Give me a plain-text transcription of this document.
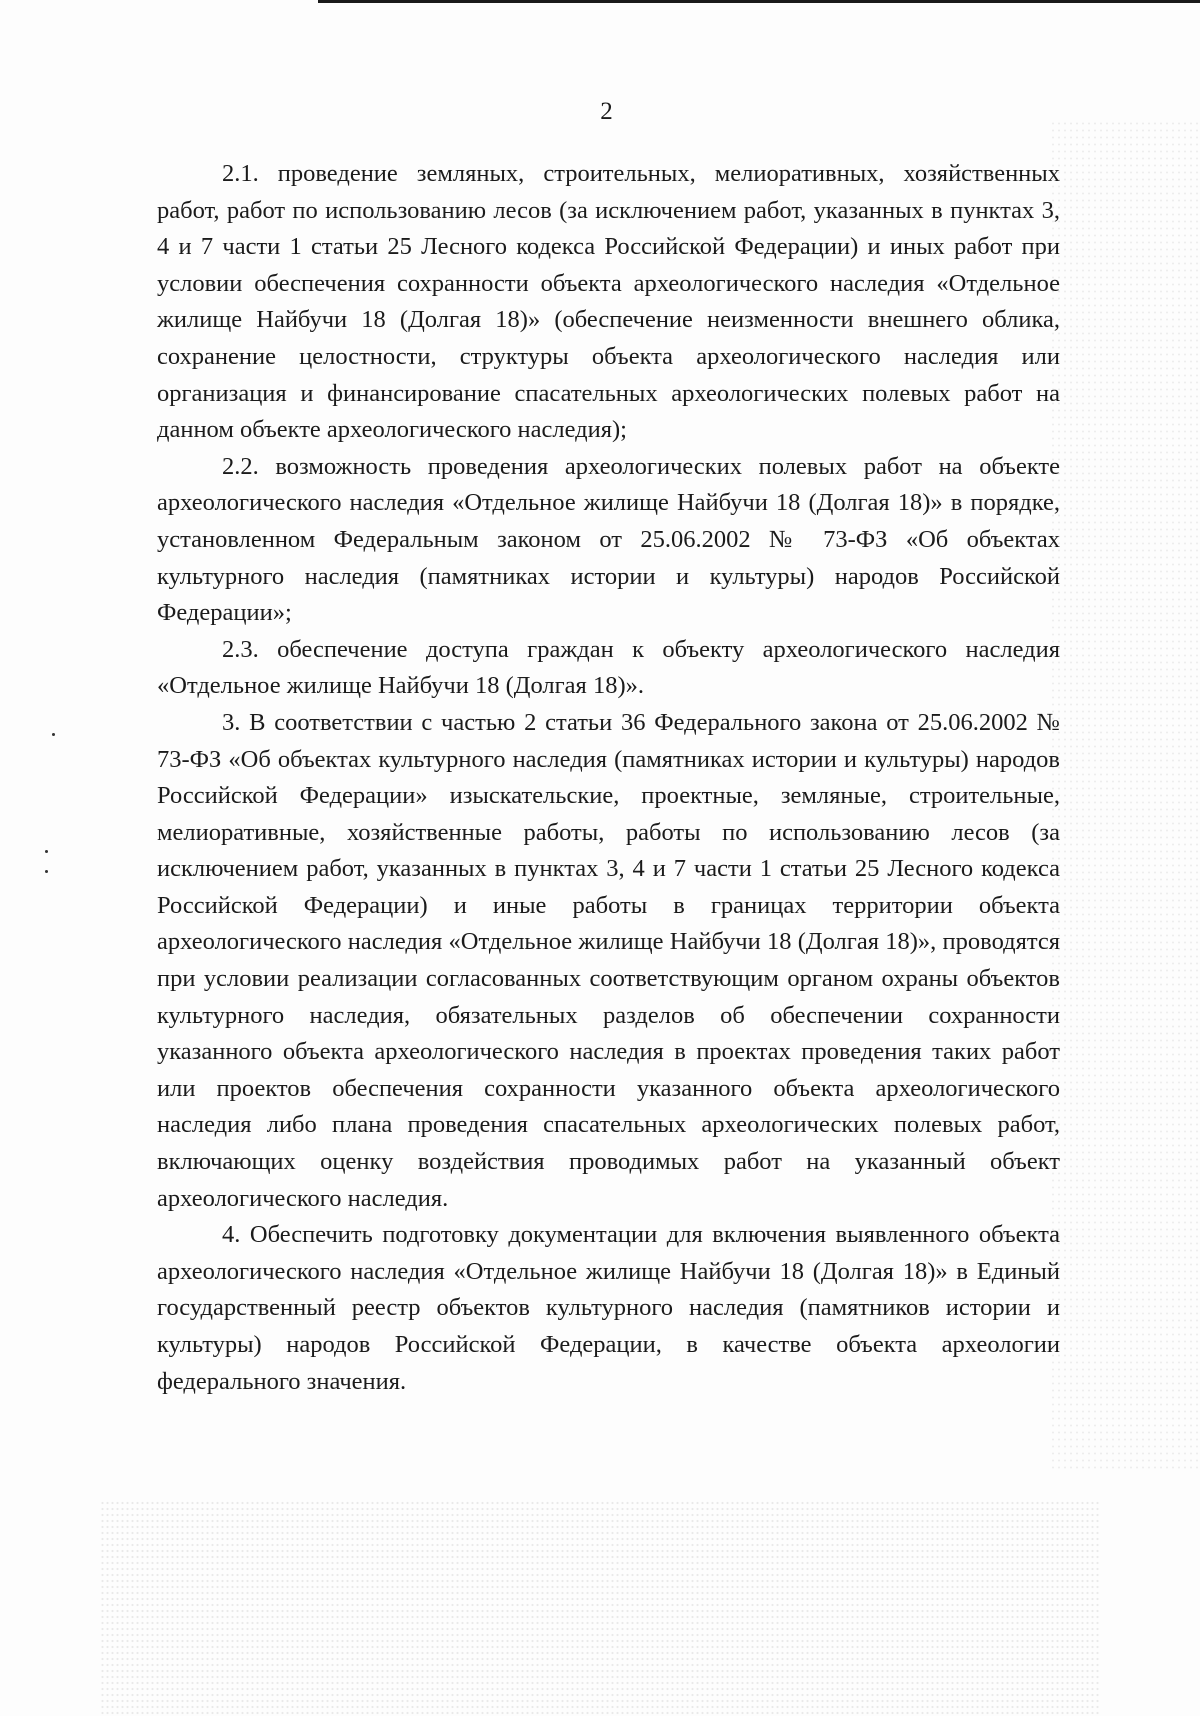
2

2.1. проведение земляных, строительных, мелиоративных, хозяйственных работ, работ по использованию лесов (за исключением работ, указанных в пунктах 3, 4 и 7 части 1 статьи 25 Лесного кодекса Российской Федерации) и иных работ при условии обеспечения сохранности объекта археологического наследия «Отдельное жилище Найбучи 18 (Долгая 18)» (обеспечение неизменности внешнего облика, сохранение целостности, структуры объекта археологического наследия или организация и финансирование спасательных археологических полевых работ на данном объекте археологического наследия);

2.2. возможность проведения археологических полевых работ на объекте археологического наследия «Отдельное жилище Найбучи 18 (Долгая 18)» в порядке, установленном Федеральным законом от 25.06.2002 № 73-ФЗ «Об объектах культурного наследия (памятниках истории и культуры) народов Российской Федерации»;

2.3. обеспечение доступа граждан к объекту археологического наследия «Отдельное жилище Найбучи 18 (Долгая 18)».

3. В соответствии с частью 2 статьи 36 Федерального закона от 25.06.2002 № 73-ФЗ «Об объектах культурного наследия (памятниках истории и культуры) народов Российской Федерации» изыскательские, проектные, земляные, строительные, мелиоративные, хозяйственные работы, работы по использованию лесов (за исключением работ, указанных в пунктах 3, 4 и 7 части 1 статьи 25 Лесного кодекса Российской Федерации) и иные работы в границах территории объекта археологического наследия «Отдельное жилище Найбучи 18 (Долгая 18)», проводятся при условии реализации согласованных соответствующим органом охраны объектов культурного наследия, обязательных разделов об обеспечении сохранности указанного объекта археологического наследия в проектах проведения таких работ или проектов обеспечения сохранности указанного объекта археологического наследия либо плана проведения спасательных археологических полевых работ, включающих оценку воздействия проводимых работ на указанный объект археологического наследия.

4. Обеспечить подготовку документации для включения выявленного объекта археологического наследия «Отдельное жилище Найбучи 18 (Долгая 18)» в Единый государственный реестр объектов культурного наследия (памятников истории и культуры) народов Российской Федерации, в качестве объекта археологии федерального значения.
